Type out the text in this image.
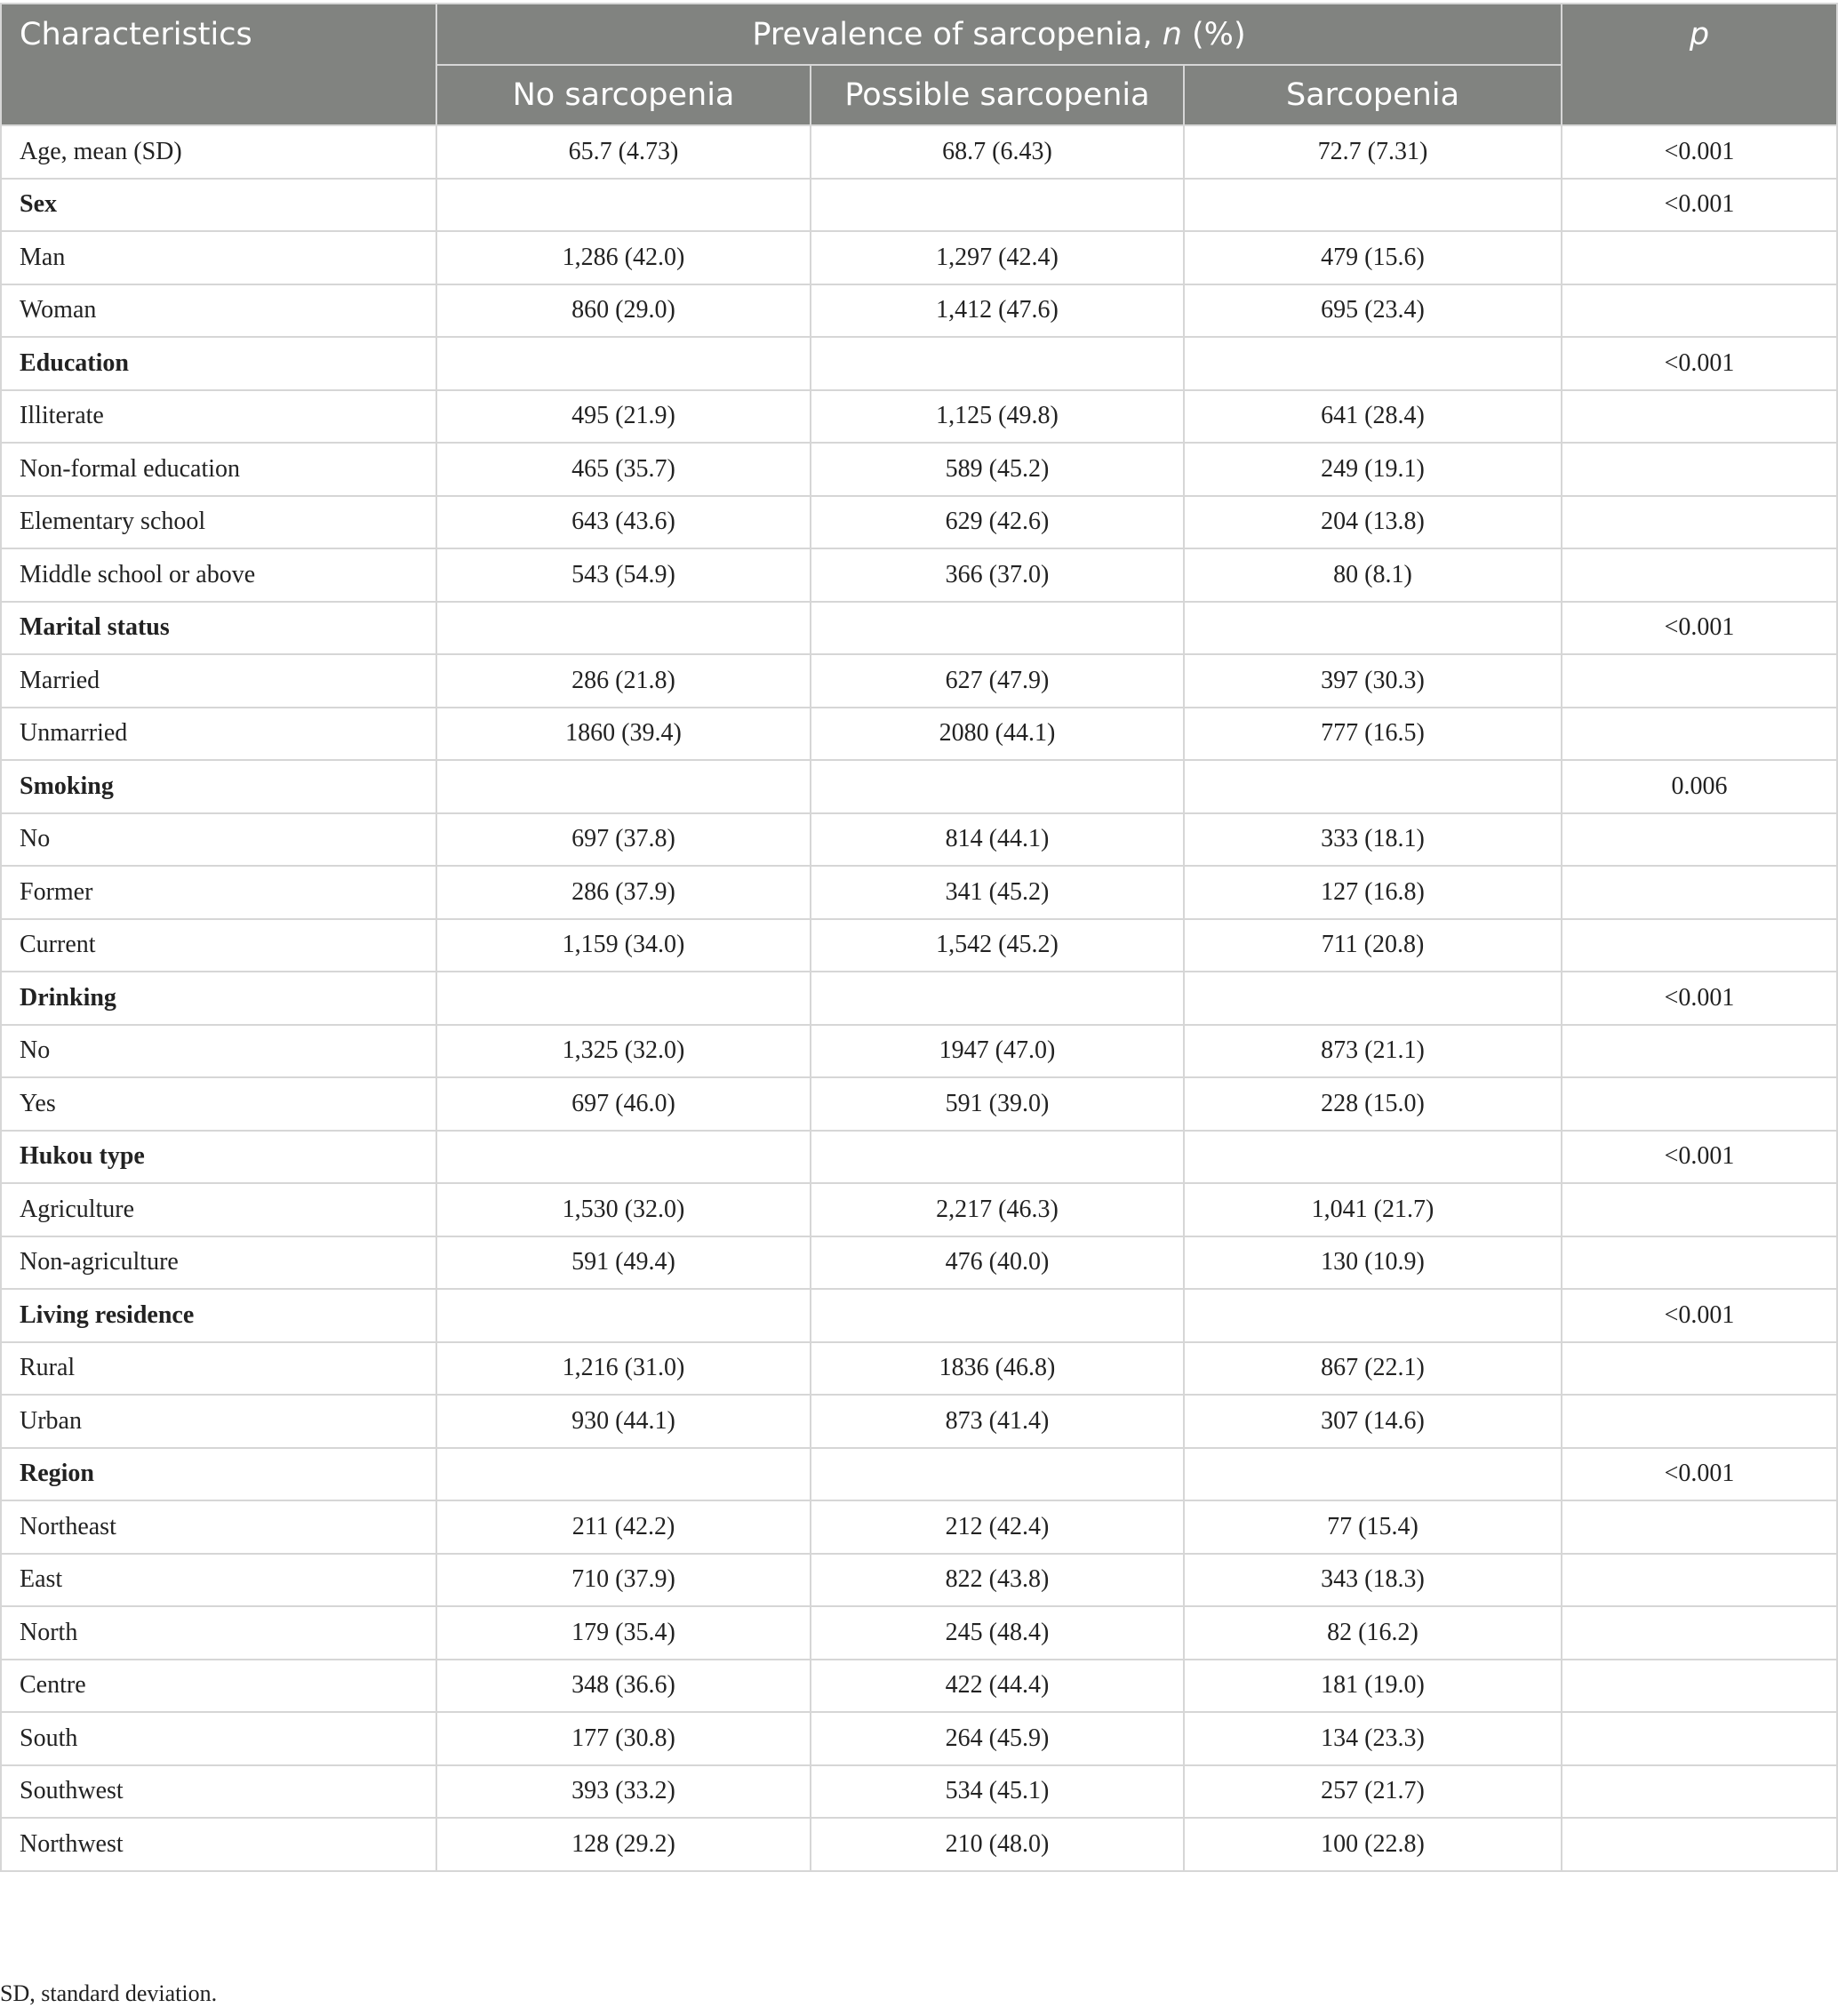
Characteristics	Prevalence of sarcopenia, n (%)			p
	No sarcopenia	Possible sarcopenia	Sarcopenia	
Age, mean (SD)	65.7 (4.73)	68.7 (6.43)	72.7 (7.31)	<0.001
Sex				<0.001
Man	1,286 (42.0)	1,297 (42.4)	479 (15.6)	
Woman	860 (29.0)	1,412 (47.6)	695 (23.4)	
Education				<0.001
Illiterate	495 (21.9)	1,125 (49.8)	641 (28.4)	
Non-formal education	465 (35.7)	589 (45.2)	249 (19.1)	
Elementary school	643 (43.6)	629 (42.6)	204 (13.8)	
Middle school or above	543 (54.9)	366 (37.0)	80 (8.1)	
Marital status				<0.001
Married	286 (21.8)	627 (47.9)	397 (30.3)	
Unmarried	1860 (39.4)	2080 (44.1)	777 (16.5)	
Smoking				0.006
No	697 (37.8)	814 (44.1)	333 (18.1)	
Former	286 (37.9)	341 (45.2)	127 (16.8)	
Current	1,159 (34.0)	1,542 (45.2)	711 (20.8)	
Drinking				<0.001
No	1,325 (32.0)	1947 (47.0)	873 (21.1)	
Yes	697 (46.0)	591 (39.0)	228 (15.0)	
Hukou type				<0.001
Agriculture	1,530 (32.0)	2,217 (46.3)	1,041 (21.7)	
Non-agriculture	591 (49.4)	476 (40.0)	130 (10.9)	
Living residence				<0.001
Rural	1,216 (31.0)	1836 (46.8)	867 (22.1)	
Urban	930 (44.1)	873 (41.4)	307 (14.6)	
Region				<0.001
Northeast	211 (42.2)	212 (42.4)	77 (15.4)	
East	710 (37.9)	822 (43.8)	343 (18.3)	
North	179 (35.4)	245 (48.4)	82 (16.2)	
Centre	348 (36.6)	422 (44.4)	181 (19.0)	
South	177 (30.8)	264 (45.9)	134 (23.3)	
Southwest	393 (33.2)	534 (45.1)	257 (21.7)	
Northwest	128 (29.2)	210 (48.0)	100 (22.8)	
SD, standard deviation.
